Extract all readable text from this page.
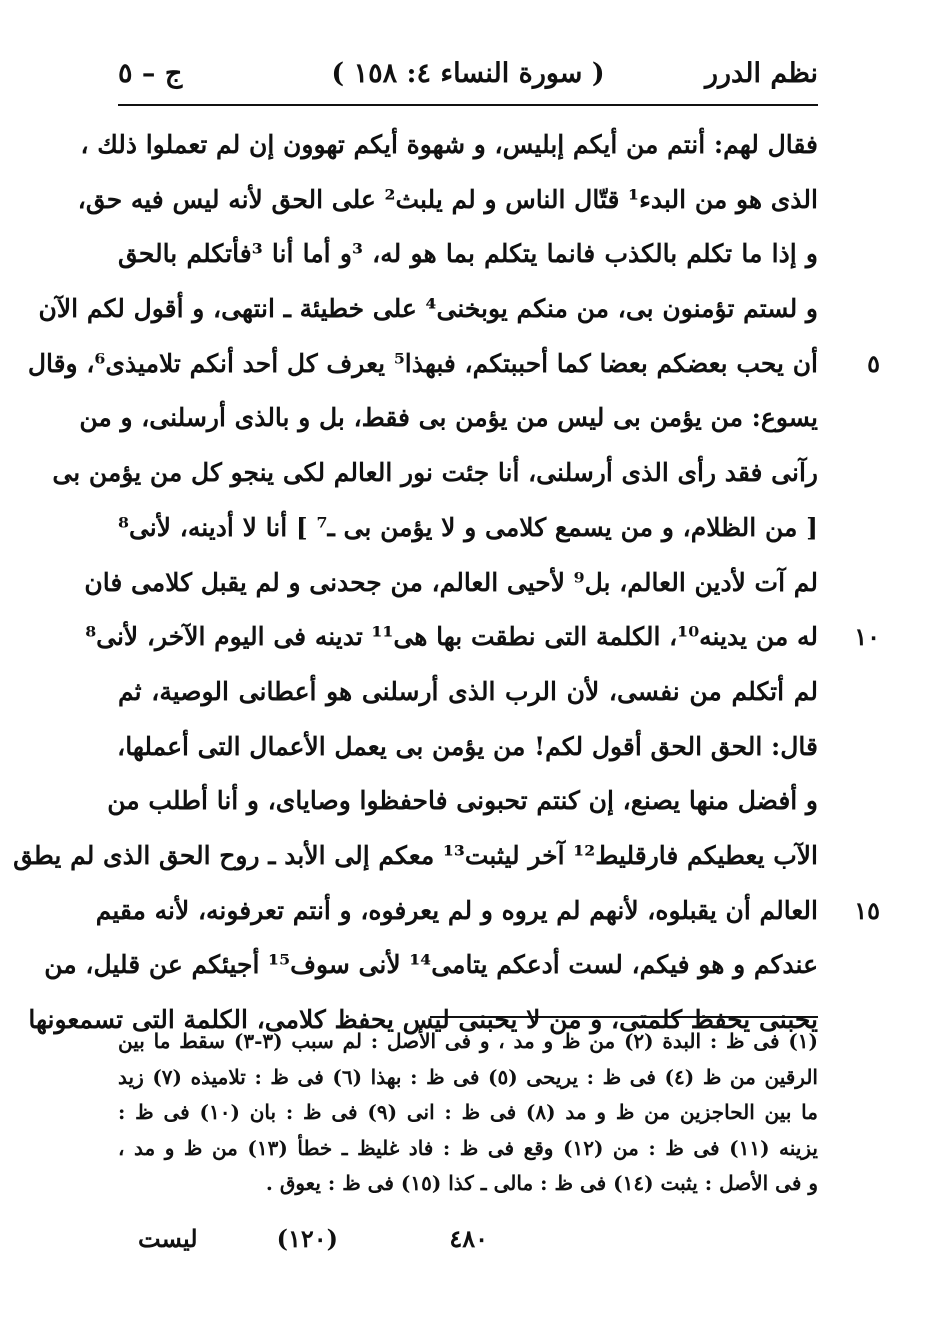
نظم الدرر
( سورة النساء ٤: ١٥٨ )
ج – ٥
فقال لهم: أنتم من أيكم إبليس، و شهوة أيكم تهوون إن لم تعملوا ذلك ،
الذى هو من البدء¹ قتّال الناس و لم يلبث² على الحق لأنه ليس فيه حق،
و إذا ما تكلم بالكذب فانما يتكلم بما هو له، ³و أما أنا ³فأتكلم بالحق
و لستم تؤمنون بى، من منكم يوبخنى⁴ على خطيئة ـ انتهى، و أقول لكم الآن
أن يحب بعضكم بعضا كما أحببتكم، فبهذا⁵ يعرف كل أحد أنكم تلاميذى⁶، وقال	٥
يسوع: من يؤمن بى ليس من يؤمن بى فقط، بل و بالذى أرسلنى، و من
رآنى فقد رأى الذى أرسلنى، أنا جئت نور العالم لكى ينجو كل من يؤمن بى
[ من الظلام، و من يسمع كلامى و لا يؤمن بى ـ⁷ ] أنا لا أدينه، لأنى⁸
لم آت لأدين العالم، بل⁹ لأحيى العالم، من جحدنى و لم يقبل كلامى فان
له من يدينه¹⁰، الكلمة التى نطقت بها هى¹¹ تدينه فى اليوم الآخر، لأنى⁸	١٠
لم أتكلم من نفسى، لأن الرب الذى أرسلنى هو أعطانى الوصية، ثم
قال: الحق الحق أقول لكم! من يؤمن بى يعمل الأعمال التى أعملها،
و أفضل منها يصنع، إن كنتم تحبونى فاحفظوا وصاياى، و أنا أطلب من
الآب يعطيكم فارقليط¹² آخر ليثبت¹³ معكم إلى الأبد ـ روح الحق الذى لم يطق
العالم أن يقبلوه، لأنهم لم يروه و لم يعرفوه، و أنتم تعرفونه، لأنه مقيم	١٥
عندكم و هو فيكم، لست أدعكم يتامى¹⁴ لأنى سوف¹⁵ أجيئكم عن قليل، من
يحبنى يحفظ كلمتى، و من لا يحبنى ليس يحفظ كلامى، الكلمة التى تسمعونها
(١) فى ظ : البدة (٢) من ظ و مد ، و فى الأصل : لم سبب (٣-٣) سقط ما بين
الرقين من ظ (٤) فى ظ : يريحى (٥) فى ظ : بهذا (٦) فى ظ : تلاميذه (٧) زيد
ما بين الحاجزين من ظ و مد (٨) فى ظ : انى (٩) فى ظ : بان (١٠) فى ظ :
يزينه (١١) فى ظ : من (١٢) وقع فى ظ : فاد غليظ ـ خطأ (١٣) من ظ و مد ،
و فى الأصل : يثبت (١٤) فى ظ : مالى ـ كذا (١٥) فى ظ : يعوق .
٤٨٠
(١٢٠)
ليست
